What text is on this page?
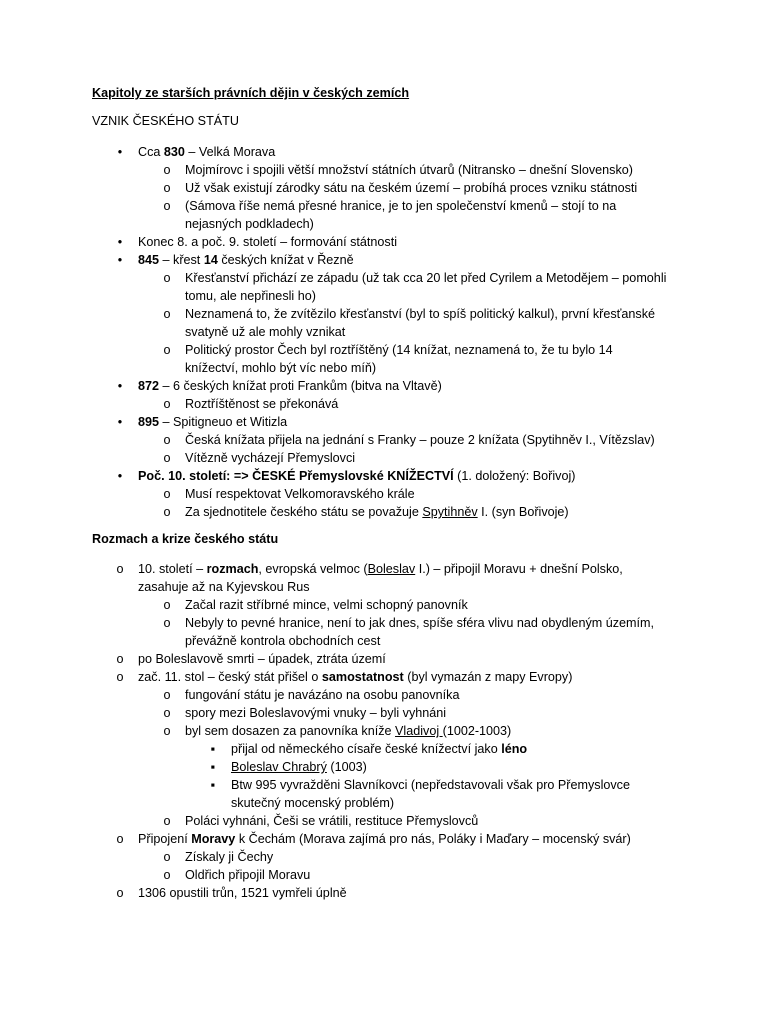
Kapitoly ze starších právních dějin v českých zemích
VZNIK ČESKÉHO STÁTU
•	Cca 830 – Velká Morava
o Mojmírovc i spojili větší množství státních útvarů (Nitransko – dnešní Slovensko)
o Už však existují zárodky sátu na českém území – probíhá proces vzniku státnosti
o (Sámova říše nemá přesné hranice, je to jen společenství kmenů – stojí to na
nejasných podkladech)
•	Konec 8. a poč. 9. století – formování státnosti
•	845 – křest 14 českých knížat v Řezně
o Křesťanství přichází ze západu (už tak cca 20 let před Cyrilem a Metodějem – pomohli
tomu, ale nepřinesli ho)
o Neznamená to, že zvítězilo křesťanství (byl to spíš politický kalkul), první křesťanské
svatyně už ale mohly vznikat
o Politický prostor Čech byl roztříštěný (14 knížat, neznamená to, že tu bylo 14
knížectví, mohlo být víc nebo míň)
•	872 – 6 českých knížat proti Frankům (bitva na Vltavě)
o Roztříštěnost se překonává
•	895 – Spitigneuo et Witizla
o Česká knížata přijela na jednání s Franky – pouze 2 knížata (Spytihněv I., Vítězslav)
o Vítězně vycházejí Přemyslovci
•	Poč. 10. století: => ČESKÉ Přemyslovské KNÍŽECTVÍ (1. doložený: Bořivoj)
o Musí respektovat Velkomoravského krále
o Za sjednotitele českého státu se považuje Spytihněv I. (syn Bořivoje)
Rozmach a krize českého státu
o 10. století – rozmach, evropská velmoc (Boleslav I.) – připojil Moravu + dnešní Polsko,
zasahuje až na Kyjevskou Rus
o Začal razit stříbrné mince, velmi schopný panovník
o Nebyly to pevné hranice, není to jak dnes, spíše sféra vlivu nad obydleným územím,
převážně kontrola obchodních cest
o po Boleslavově smrti – úpadek, ztráta území
o zač. 11. stol – český stát přišel o samostatnost (byl vymazán z mapy Evropy)
o fungování státu je navázáno na osobu panovníka
o spory mezi Boleslavovými vnuky – byli vyhnáni
o byl sem dosazen za panovníka kníže Vladivoj (1002-1003)
▪	přijal od německého císaře české knížectví jako léno
▪	Boleslav Chrabrý (1003)
▪	Btw 995 vyvražděni Slavníkovci (nepředstavovali však pro Přemyslovce
skutečný mocenský problém)
o Poláci vyhnáni, Češi se vrátili, restituce Přemyslovců
o Připojení Moravy k Čechám (Morava zajímá pro nás, Poláky i Maďary – mocenský svár)
o Získaly ji Čechy
o Oldřich připojil Moravu
o 1306 opustili trůn, 1521 vymřeli úplně
